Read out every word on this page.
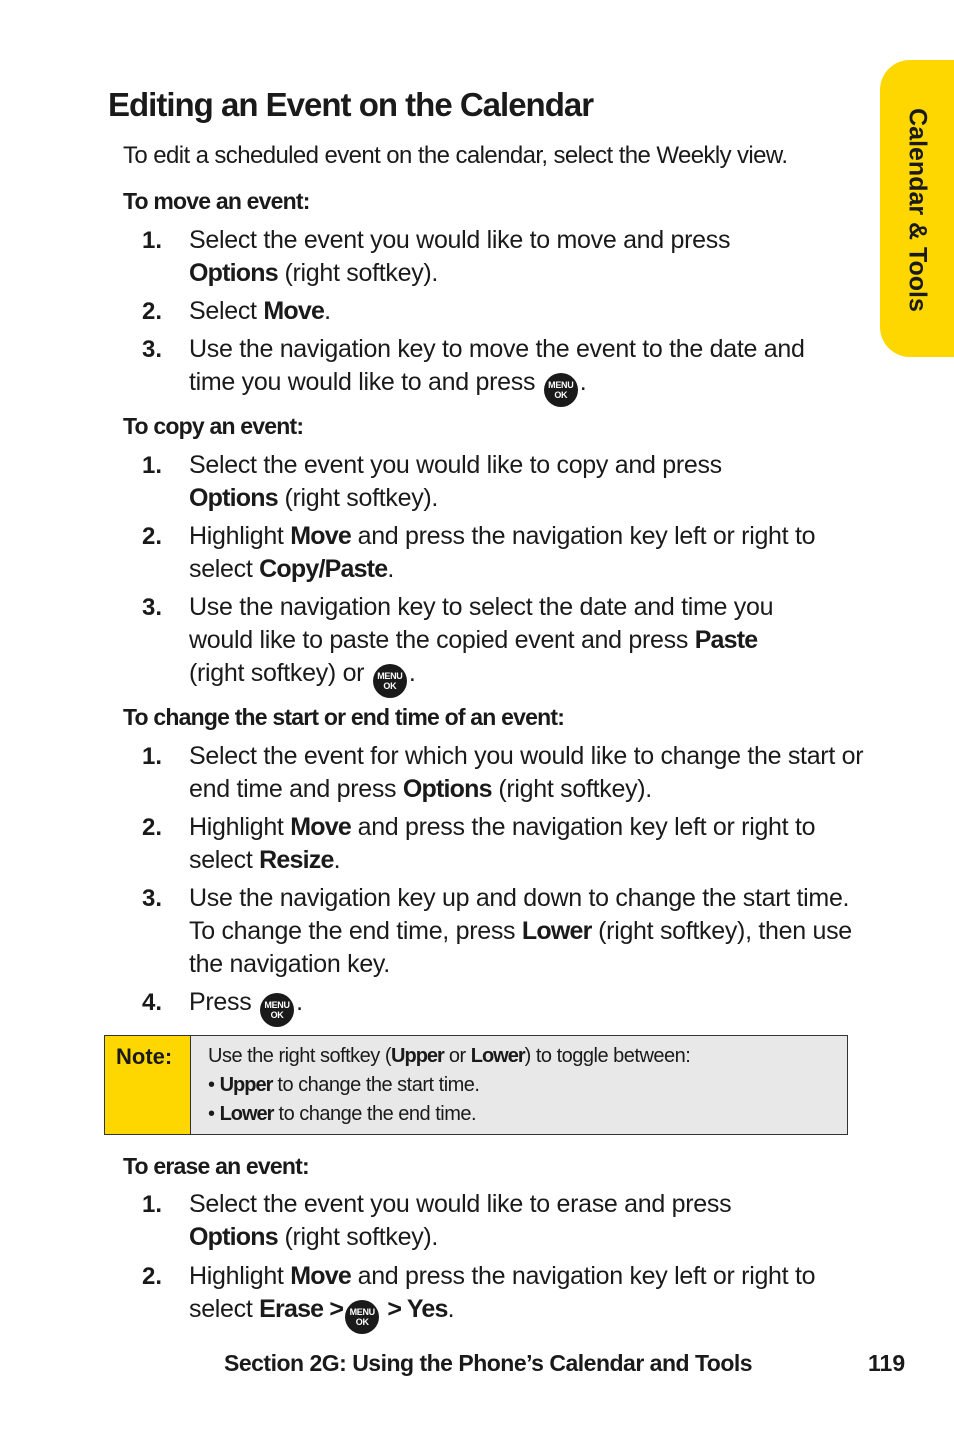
Calendar & Tools
Editing an Event on the Calendar
To edit a scheduled event on the calendar, select the Weekly view.
To move an event:
1. Select the event you would like to move and press
Options (right softkey).
2. Select Move.
3. Use the navigation key to move the event to the date and time you would like to and press MENU
OK .
To copy an event:
1. Select the event you would like to copy and press
Options (right softkey).
2. Highlight Move and press the navigation key left or right to select Copy/Paste.
3. Use the navigation key to select the date and time you would like to paste the copied event and press Paste
(right softkey) or MENU
OK .
To change the start or end time of an event:
1. Select the event for which you would like to change the start or end time and press Options (right softkey).
2. Highlight Move and press the navigation key left or right to select Resize.
3. Use the navigation key up and down to change the start time. To change the end time, press Lower (right softkey), then use the navigation key.
4. Press MENU
OK .
Note:	Use the right softkey (Upper or Lower) to toggle between:
• Upper to change the start time.
• Lower to change the end time.
To erase an event:
1. Select the event you would like to erase and press
Options (right softkey).
2. Highlight Move and press the navigation key left or right to select Erase > MENU
OK > Yes.
Section 2G: Using the Phone’s Calendar and Tools	119
